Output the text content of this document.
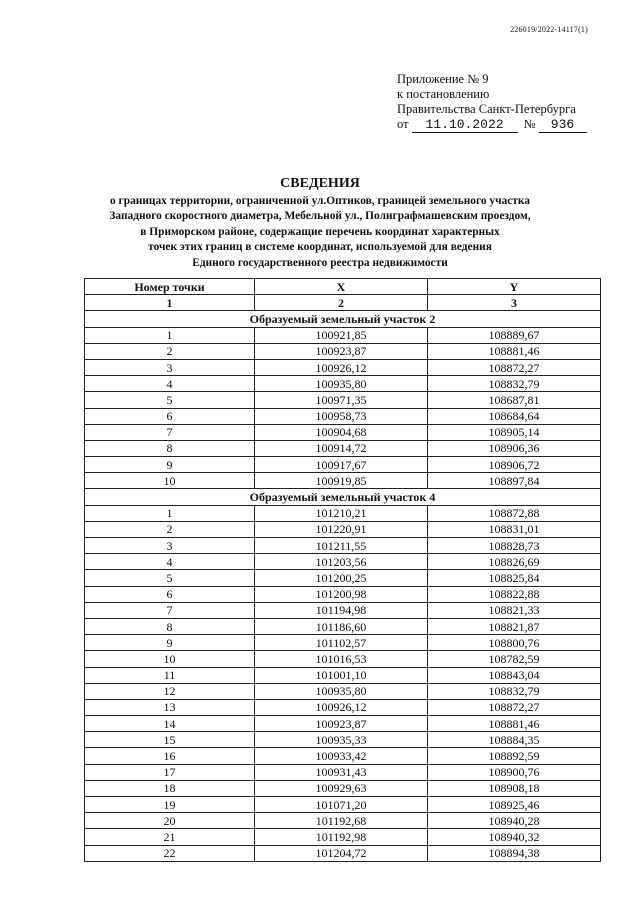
226019/2022-14117(1)
Приложение № 9
к постановлению
Правительства Санкт-Петербурга
от	11.10.2022	№	936
СВЕДЕНИЯ
о границах территории, ограниченной ул.Оптиков, границей земельного участка
Западного скоростного диаметра, Мебельной ул., Полиграфмашевским проездом,
в Приморском районе, содержащие перечень координат характерных
точек этих границ в системе координат, используемой для ведения
Единого государственного реестра недвижимости
Номер точки	X	Y
1	2	3
Образуемый земельный участок 2		
1	100921,85	108889,67
2	100923,87	108881,46
3	100926,12	108872,27
4	100935,80	108832,79
5	100971,35	108687,81
6	100958,73	108684,64
7	100904,68	108905,14
8	100914,72	108906,36
9	100917,67	108906,72
10	100919,85	108897,84
Образуемый земельный участок 4		
1	101210,21	108872,88
2	101220,91	108831,01
3	101211,55	108828,73
4	101203,56	108826,69
5	101200,25	108825,84
6	101200,98	108822,88
7	101194,98	108821,33
8	101186,60	108821,87
9	101102,57	108800,76
10	101016,53	108782,59
11	101001,10	108843,04
12	100935,80	108832,79
13	100926,12	108872,27
14	100923,87	108881,46
15	100935,33	108884,35
16	100933,42	108892,59
17	100931,43	108900,76
18	100929,63	108908,18
19	101071,20	108925,46
20	101192,68	108940,28
21	101192,98	108940,32
22	101204,72	108894,38
